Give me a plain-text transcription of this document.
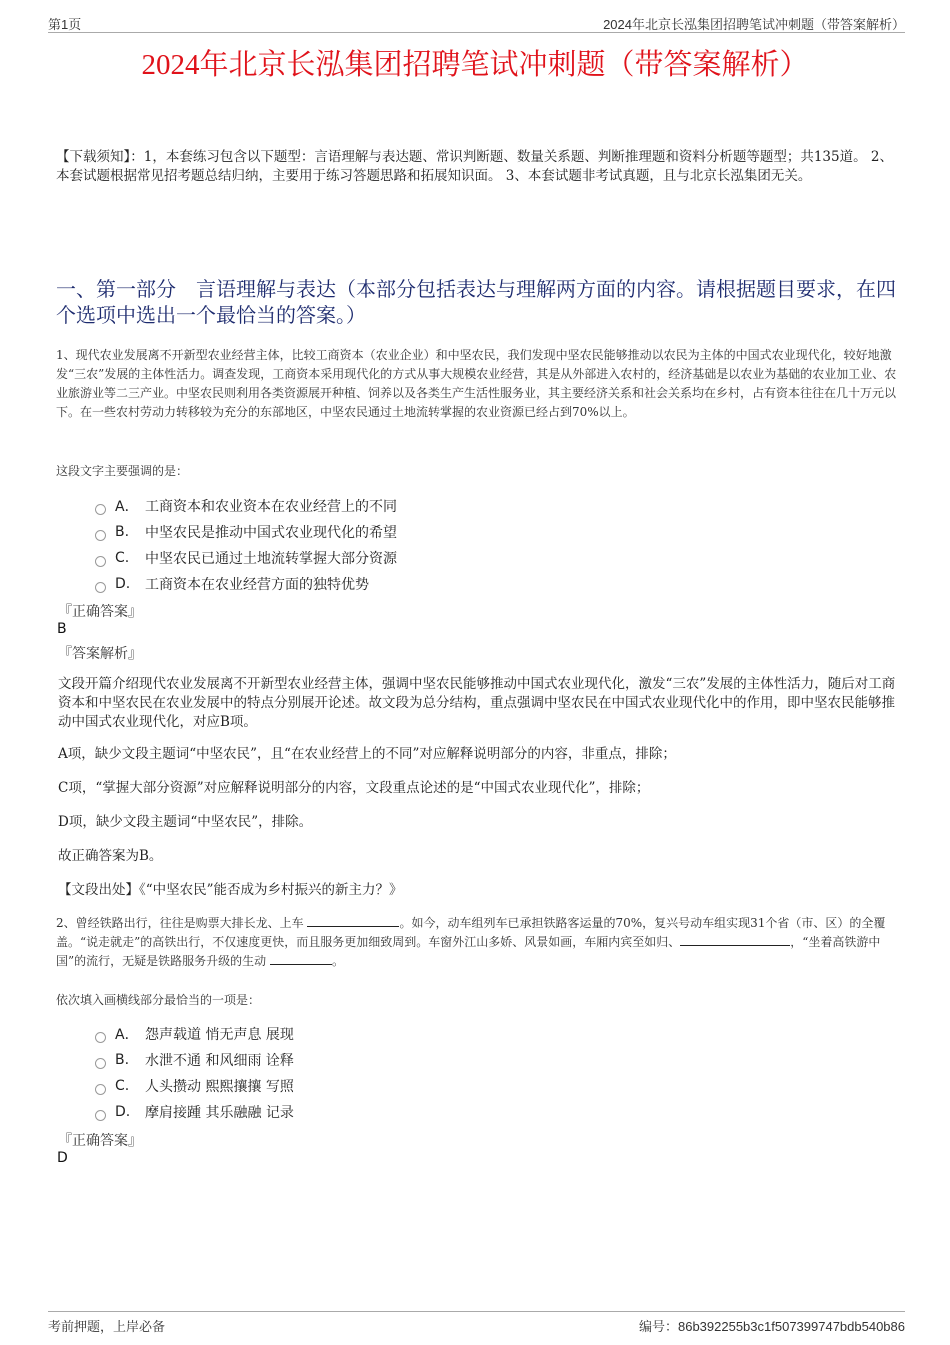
第1页	2024年北京长泓集团招聘笔试冲刺题（带答案解析）
2024年北京长泓集团招聘笔试冲刺题（带答案解析）
【下载须知】：1，本套练习包含以下题型：言语理解与表达题、常识判断题、数量关系题、判断推理题和资料分析题等题型；共135道。 2、本套试题根据常见招考题总结归纳，主要用于练习答题思路和拓展知识面。 3、本套试题非考试真题，且与北京长泓集团无关。
一、第一部分　言语理解与表达（本部分包括表达与理解两方面的内容。请根据题目要求，在四个选项中选出一个最恰当的答案。）
1、现代农业发展离不开新型农业经营主体，比较工商资本（农业企业）和中坚农民，我们发现中坚农民能够推动以农民为主体的中国式农业现代化，较好地激发“三农”发展的主体性活力。调查发现，工商资本采用现代化的方式从事大规模农业经营，其是从外部进入农村的，经济基础是以农业为基础的农业加工业、农业旅游业等二三产业。中坚农民则利用各类资源展开种植、饲养以及各类生产生活性服务业，其主要经济关系和社会关系均在乡村，占有资本往往在几十万元以下。在一些农村劳动力转移较为充分的东部地区，中坚农民通过土地流转掌握的农业资源已经占到70%以上。
这段文字主要强调的是：
A． 工商资本和农业资本在农业经营上的不同
B.	中坚农民是推动中国式农业现代化的希望
C.	中坚农民已通过土地流转掌握大部分资源
D.	工商资本在农业经营方面的独特优势
『正确答案』
B
『答案解析』
文段开篇介绍现代农业发展离不开新型农业经营主体，强调中坚农民能够推动中国式农业现代化，激发“三农”发展的主体性活力，随后对工商资本和中坚农民在农业发展中的特点分别展开论述。故文段为总分结构，重点强调中坚农民在中国式农业现代化中的作用，即中坚农民能够推动中国式农业现代化，对应B项。
A项，缺少文段主题词“中坚农民”，且“在农业经营上的不同”对应解释说明部分的内容，非重点，排除；
C项，“掌握大部分资源”对应解释说明部分的内容，文段重点论述的是“中国式农业现代化”，排除；
D项，缺少文段主题词“中坚农民”，排除。
故正确答案为B。
【文段出处】《“中坚农民”能否成为乡村振兴的新主力？》
2、曾经铁路出行，往往是购票大排长龙、上车	。如今，动车组列车已承担铁路客运量的70%，复兴号动车组实现31个省（市、区）的全覆盖。“说走就走”的高铁出行，不仅速度更快，而且服务更加细致周到。车窗外江山多娇、风景如画，车厢内宾至如归、	，“坐着高铁游中国”的流行，无疑是铁路服务升级的生动	。
依次填入画横线部分最恰当的一项是：
A． 怨声载道 悄无声息 展现
B.	水泄不通 和风细雨 诠释
C.	人头攒动 熙熙攘攘 写照
D.	摩肩接踵 其乐融融 记录
『正确答案』
D
考前押题，上岸必备	编号：86b392255b3c1f507399747bdb540b86
